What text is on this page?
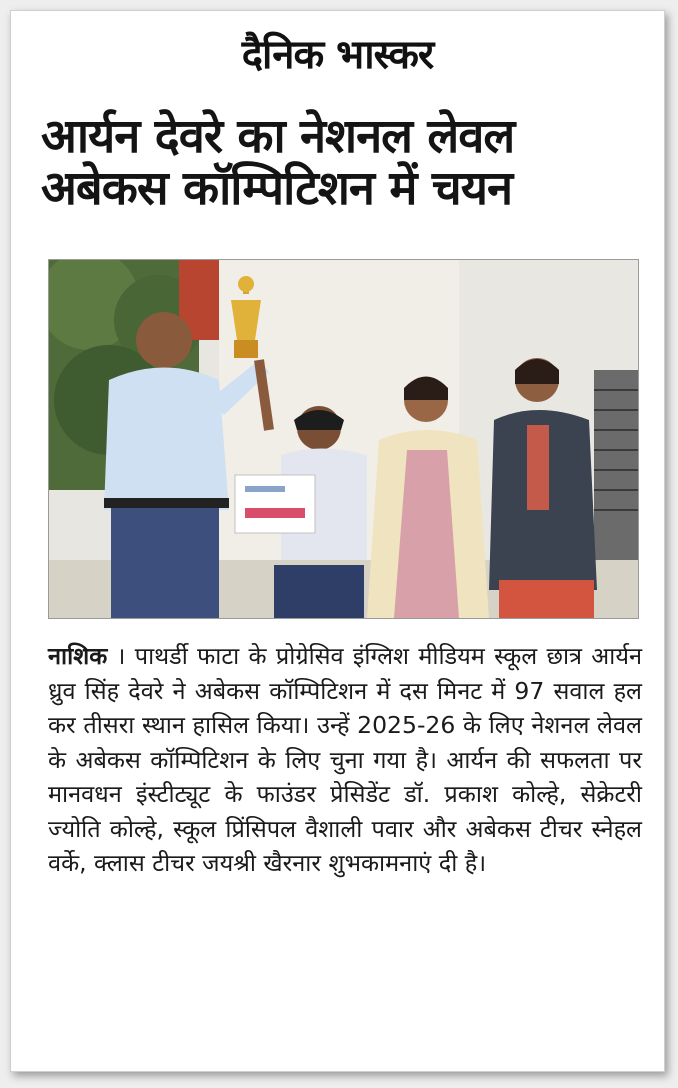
दैनिक भास्कर
आर्यन देवरे का नेशनल लेवल
अबेकस कॉम्पिटिशन में चयन
नाशिक । पाथर्डी फाटा के प्रोग्रेसिव इंग्लिश मीडियम स्कूल छात्र आर्यन ध्रुव सिंह देवरे ने अबेकस कॉम्पिटिशन में दस मिनट में 97 सवाल हल कर तीसरा स्थान हासिल किया। उन्हें 2025-26 के लिए नेशनल लेवल के अबेकस कॉम्पिटिशन के लिए चुना गया है। आर्यन की सफलता पर मानवधन इंस्टीट्यूट के फाउंडर प्रेसिडेंट डॉ. प्रकाश कोल्हे, सेक्रेटरी ज्योति कोल्हे, स्कूल प्रिंसिपल वैशाली पवार और अबेकस टीचर स्नेहल वर्के, क्लास टीचर जयश्री खैरनार शुभकामनाएं दी है।
